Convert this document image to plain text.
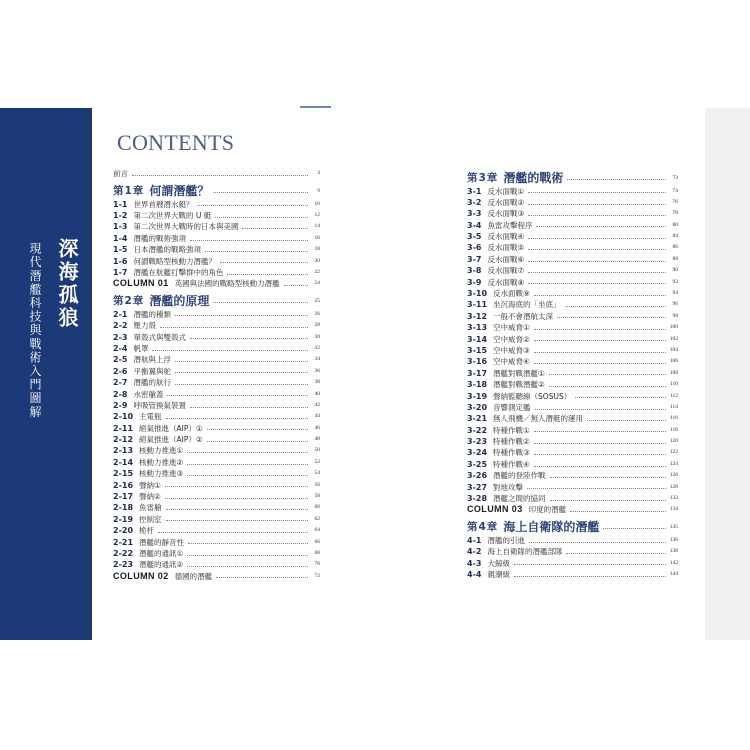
深海孤狼
現代潛艦科技與戰術入門圖解
CONTENTS
前言	3
第1章 何謂潛艦？	9
1-1 世界首艘潛水艇？	10
1-2 第二次世界大戰的 U 艇	12
1-3 第二次世界大戰時的日本與美國	14
1-4 潛艦的戰術強項	16
1-5 日本潛艦的戰略強項	18
1-6 何謂戰略型核動力潛艦？	20
1-7 潛艦在航艦打擊群中的角色	22
COLUMN 01 英國與法國的戰略型核動力潛艦	24
第2章 潛艦的原理	25
2-1 潛艦的種類	26
2-2 壓力殼	28
2-3 單殼式與雙殼式	30
2-4 帆罩	32
2-5 潛航與上浮	34
2-6 平衡翼與舵	36
2-7 潛艦的航行	38
2-8 水密艙蓋	40
2-9 呼吸管換氣裝置	42
2-10 主電瓶	44
2-11 絕氣推進（AIP）①	46
2-12 絕氣推進（AIP）②	48
2-13 核動力推進①	50
2-14 核動力推進②	52
2-15 核動力推進③	54
2-16 聲納①	56
2-17 聲納②	58
2-18 魚雷艙	60
2-19 控制室	62
2-20 桅杆	64
2-21 潛艦的靜音性	66
2-22 潛艦的通訊①	68
2-23 潛艦的通訊②	70
COLUMN 02 德國的潛艦	72
第3章 潛艦的戰術	73
3-1 反水面戰①	74
3-2 反水面戰②	76
3-3 反水面戰③	78
3-4 魚雷攻擊程序	80
3-5 反水面戰④	84
3-6 反水面戰⑤	86
3-7 反水面戰⑥	88
3-8 反水面戰⑦	90
3-9 反水面戰⑧	92
3-10 反水面戰⑨	94
3-11 坐沉海底的「坐底」	96
3-12 一般不會潛航太深	98
3-13 空中威脅①	100
3-14 空中威脅②	102
3-15 空中威脅③	104
3-16 空中威脅④	106
3-17 潛艦對戰潛艦①	108
3-18 潛艦對戰潛艦②	110
3-19 聲納監聽線（SOSUS）	112
3-20 音響測定艦	114
3-21 無人飛機／無人潛艇的運用	116
3-22 特種作戰①	118
3-23 特種作戰②	120
3-24 特種作戰③	122
3-25 特種作戰④	124
3-26 潛艦的登陸作戰	126
3-27 對地攻擊	128
3-28 潛艦之間的協同	132
COLUMN 03 印度的潛艦	134
第4章 海上自衛隊的潛艦	135
4-1 潛艦的引進	136
4-2 海上自衛隊的潛艦部隊	138
4-3 大鯨級	142
4-4 親潮級	144
